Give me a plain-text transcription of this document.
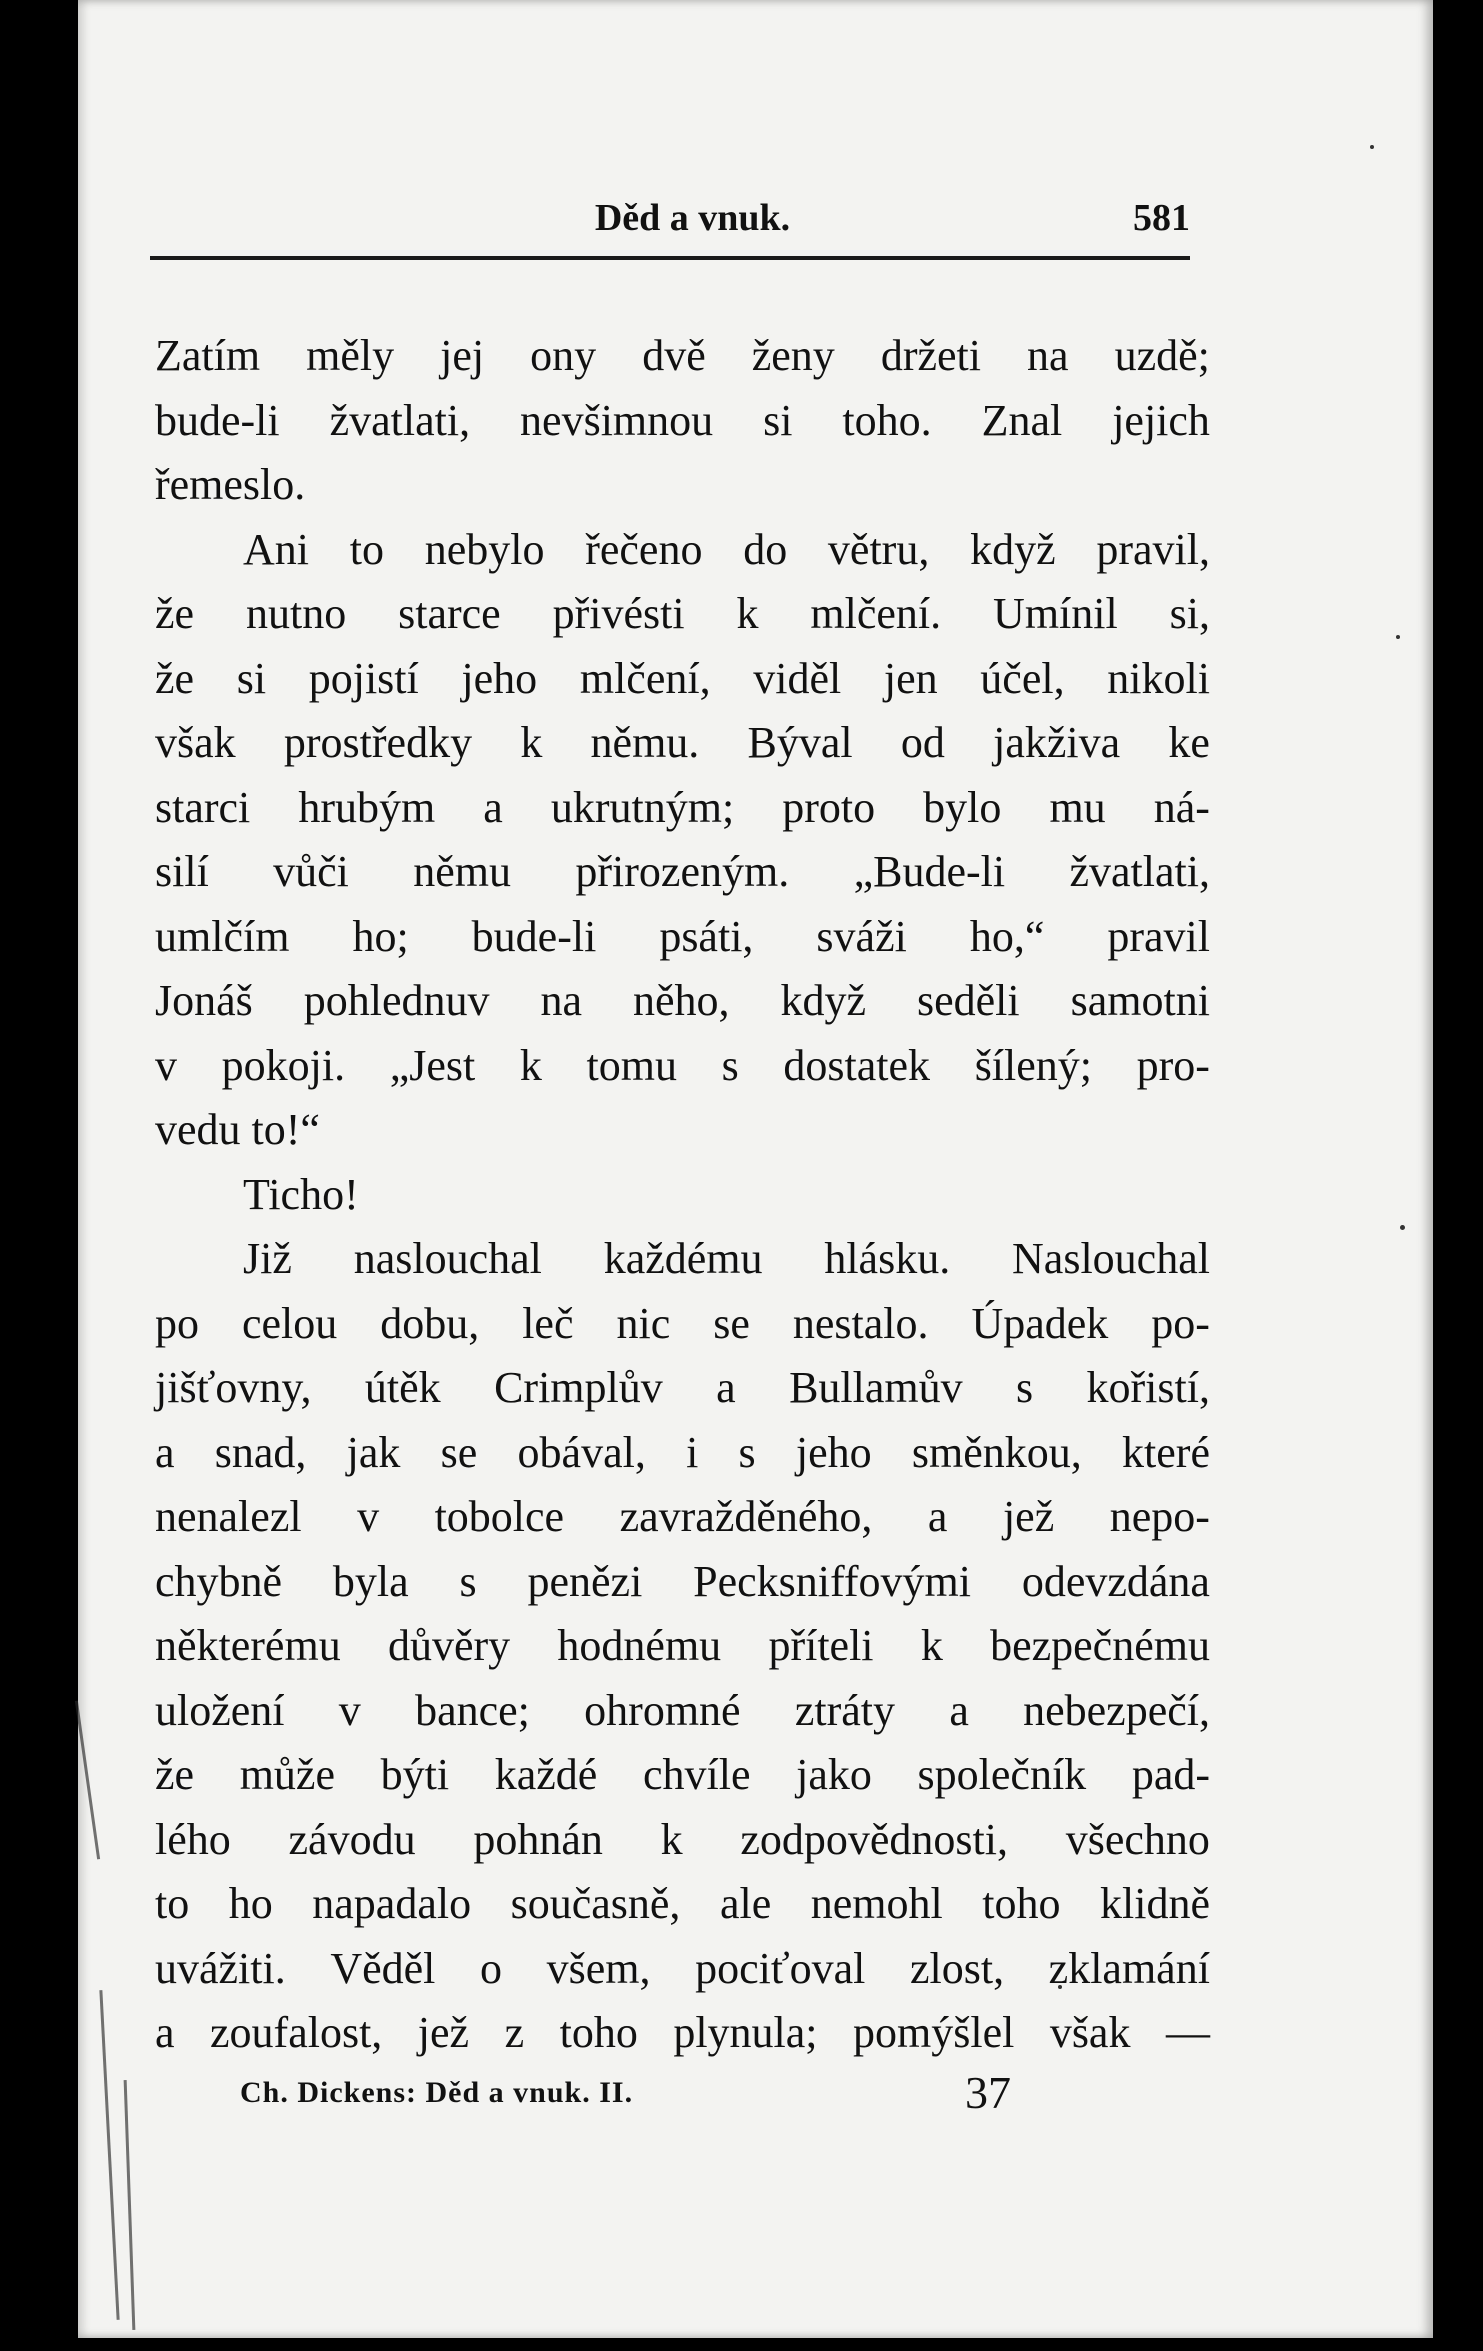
Děd a vnuk.	581
Zatím měly jej ony dvě ženy držeti na uzdě;
bude-li žvatlati, nevšimnou si toho. Znal jejich
řemeslo.
Ani to nebylo řečeno do větru, když pravil,
že nutno starce přivésti k mlčení. Umínil si,
že si pojistí jeho mlčení, viděl jen účel, nikoli
však prostředky k němu. Býval od jakživa ke
starci hrubým a ukrutným; proto bylo mu ná-
silí vůči němu přirozeným. „Bude-li žvatlati,
umlčím ho; bude-li psáti, sváži ho,“ pravil
Jonáš pohlednuv na něho, když seděli samotni
v pokoji. „Jest k tomu s dostatek šílený; pro-
vedu to!“
Ticho!
Již naslouchal každému hlásku. Naslouchal
po celou dobu, leč nic se nestalo. Úpadek po-
jišťovny, útěk Crimplův a Bullamův s kořistí,
a snad, jak se obával, i s jeho směnkou, které
nenalezl v tobolce zavražděného, a jež nepo-
chybně byla s penězi Pecksniffovými odevzdána
některému důvěry hodnému příteli k bezpečnému
uložení v bance; ohromné ztráty a nebezpečí,
že může býti každé chvíle jako společník pad-
lého závodu pohnán k zodpovědnosti, všechno
to ho napadalo současně, ale nemohl toho klidně
uvážiti. Věděl o všem, pociťoval zlost, zklamání
a zoufalost, jež z toho plynula; pomýšlel však —
Ch. Dickens: Děd a vnuk. II.	37
